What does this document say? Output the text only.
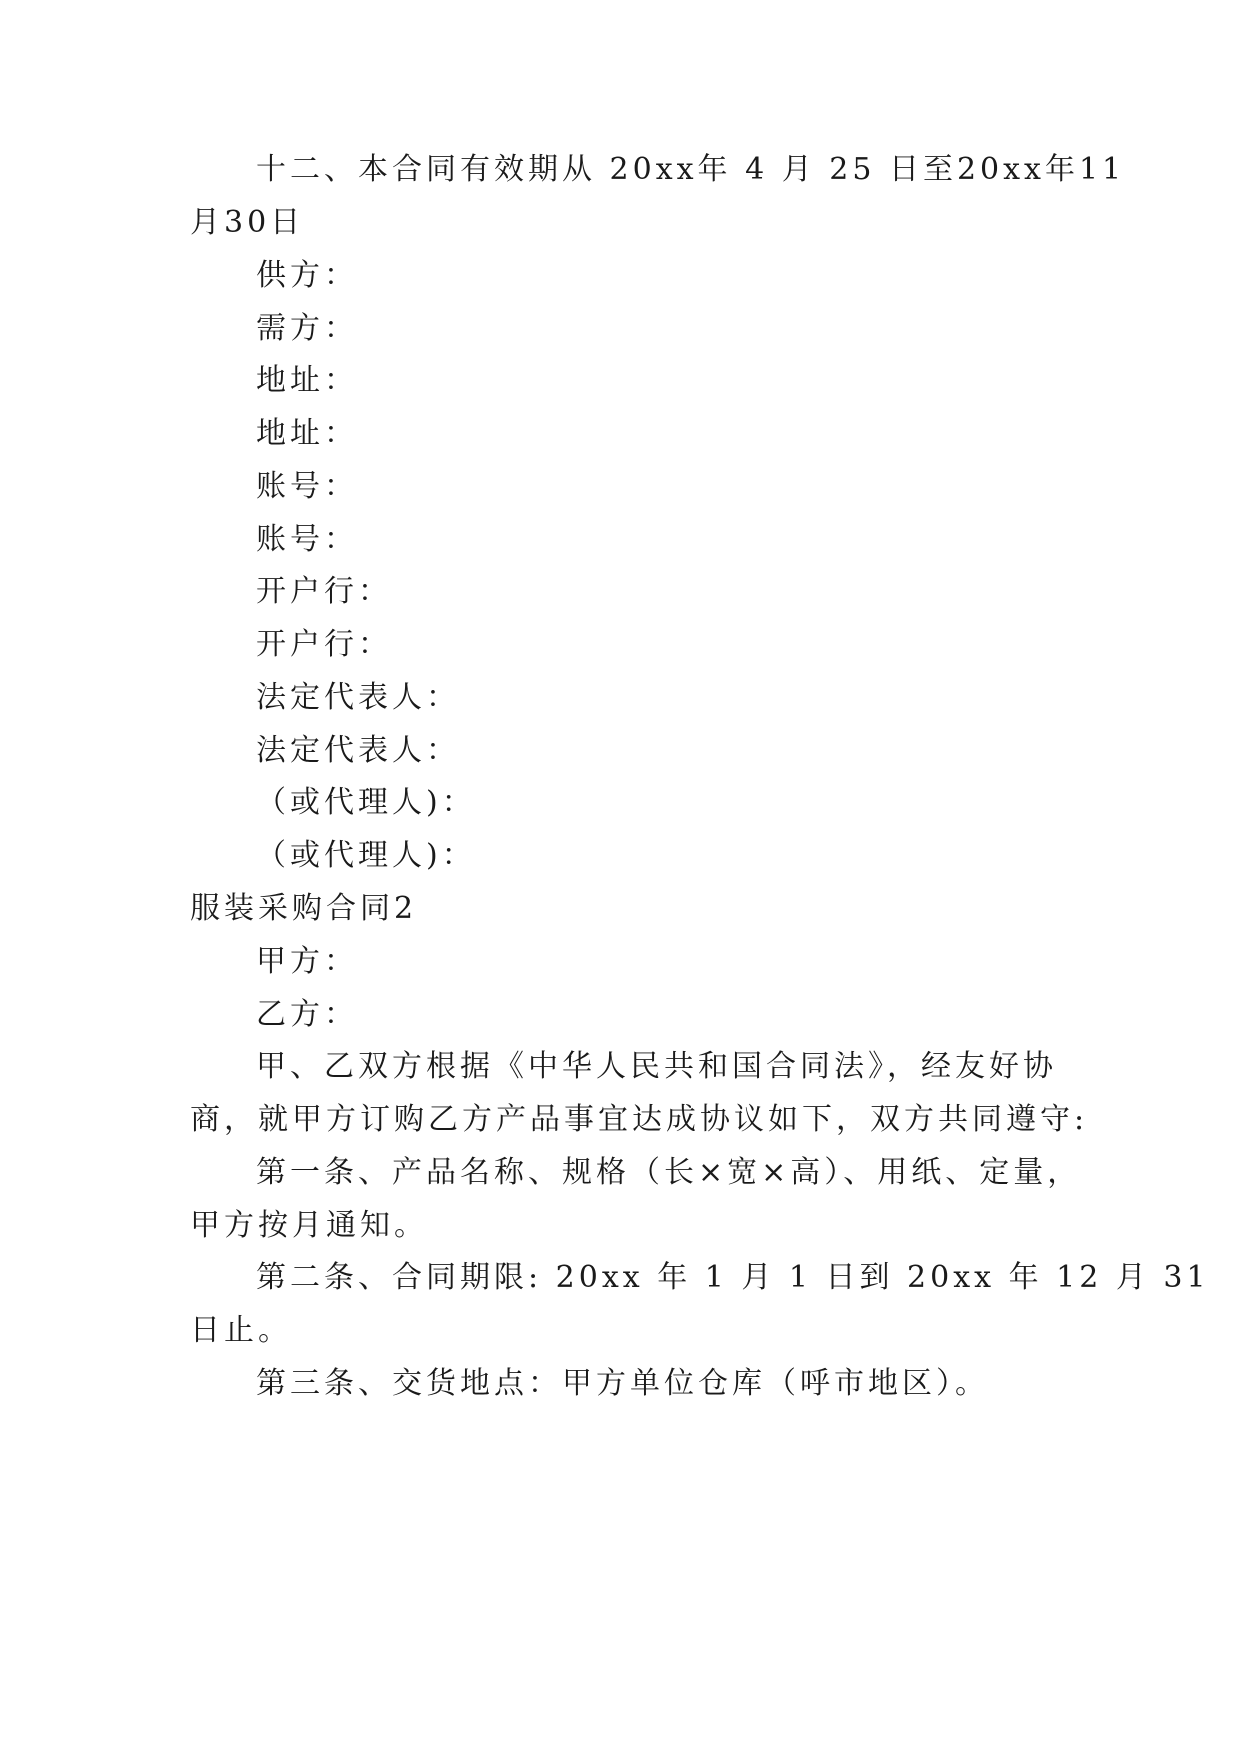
十二、本合同有效期从 20xx年 4 月 25 日至20xx年11
月30日
供方：
需方：
地址：
地址：
账号：
账号：
开户行：
开户行：
法定代表人：
法定代表人：
（或代理人)：
（或代理人)：
服装采购合同2
甲方：
乙方：
甲、乙双方根据《中华人民共和国合同法》，经友好协
商，就甲方订购乙方产品事宜达成协议如下，双方共同遵守:
第一条、产品名称、规格（长×宽×高）、用纸、定量，
甲方按月通知。
第二条、合同期限: 20xx 年 1 月 1 日到 20xx 年 12 月 31
日止。
第三条、交货地点：甲方单位仓库（呼市地区）。
